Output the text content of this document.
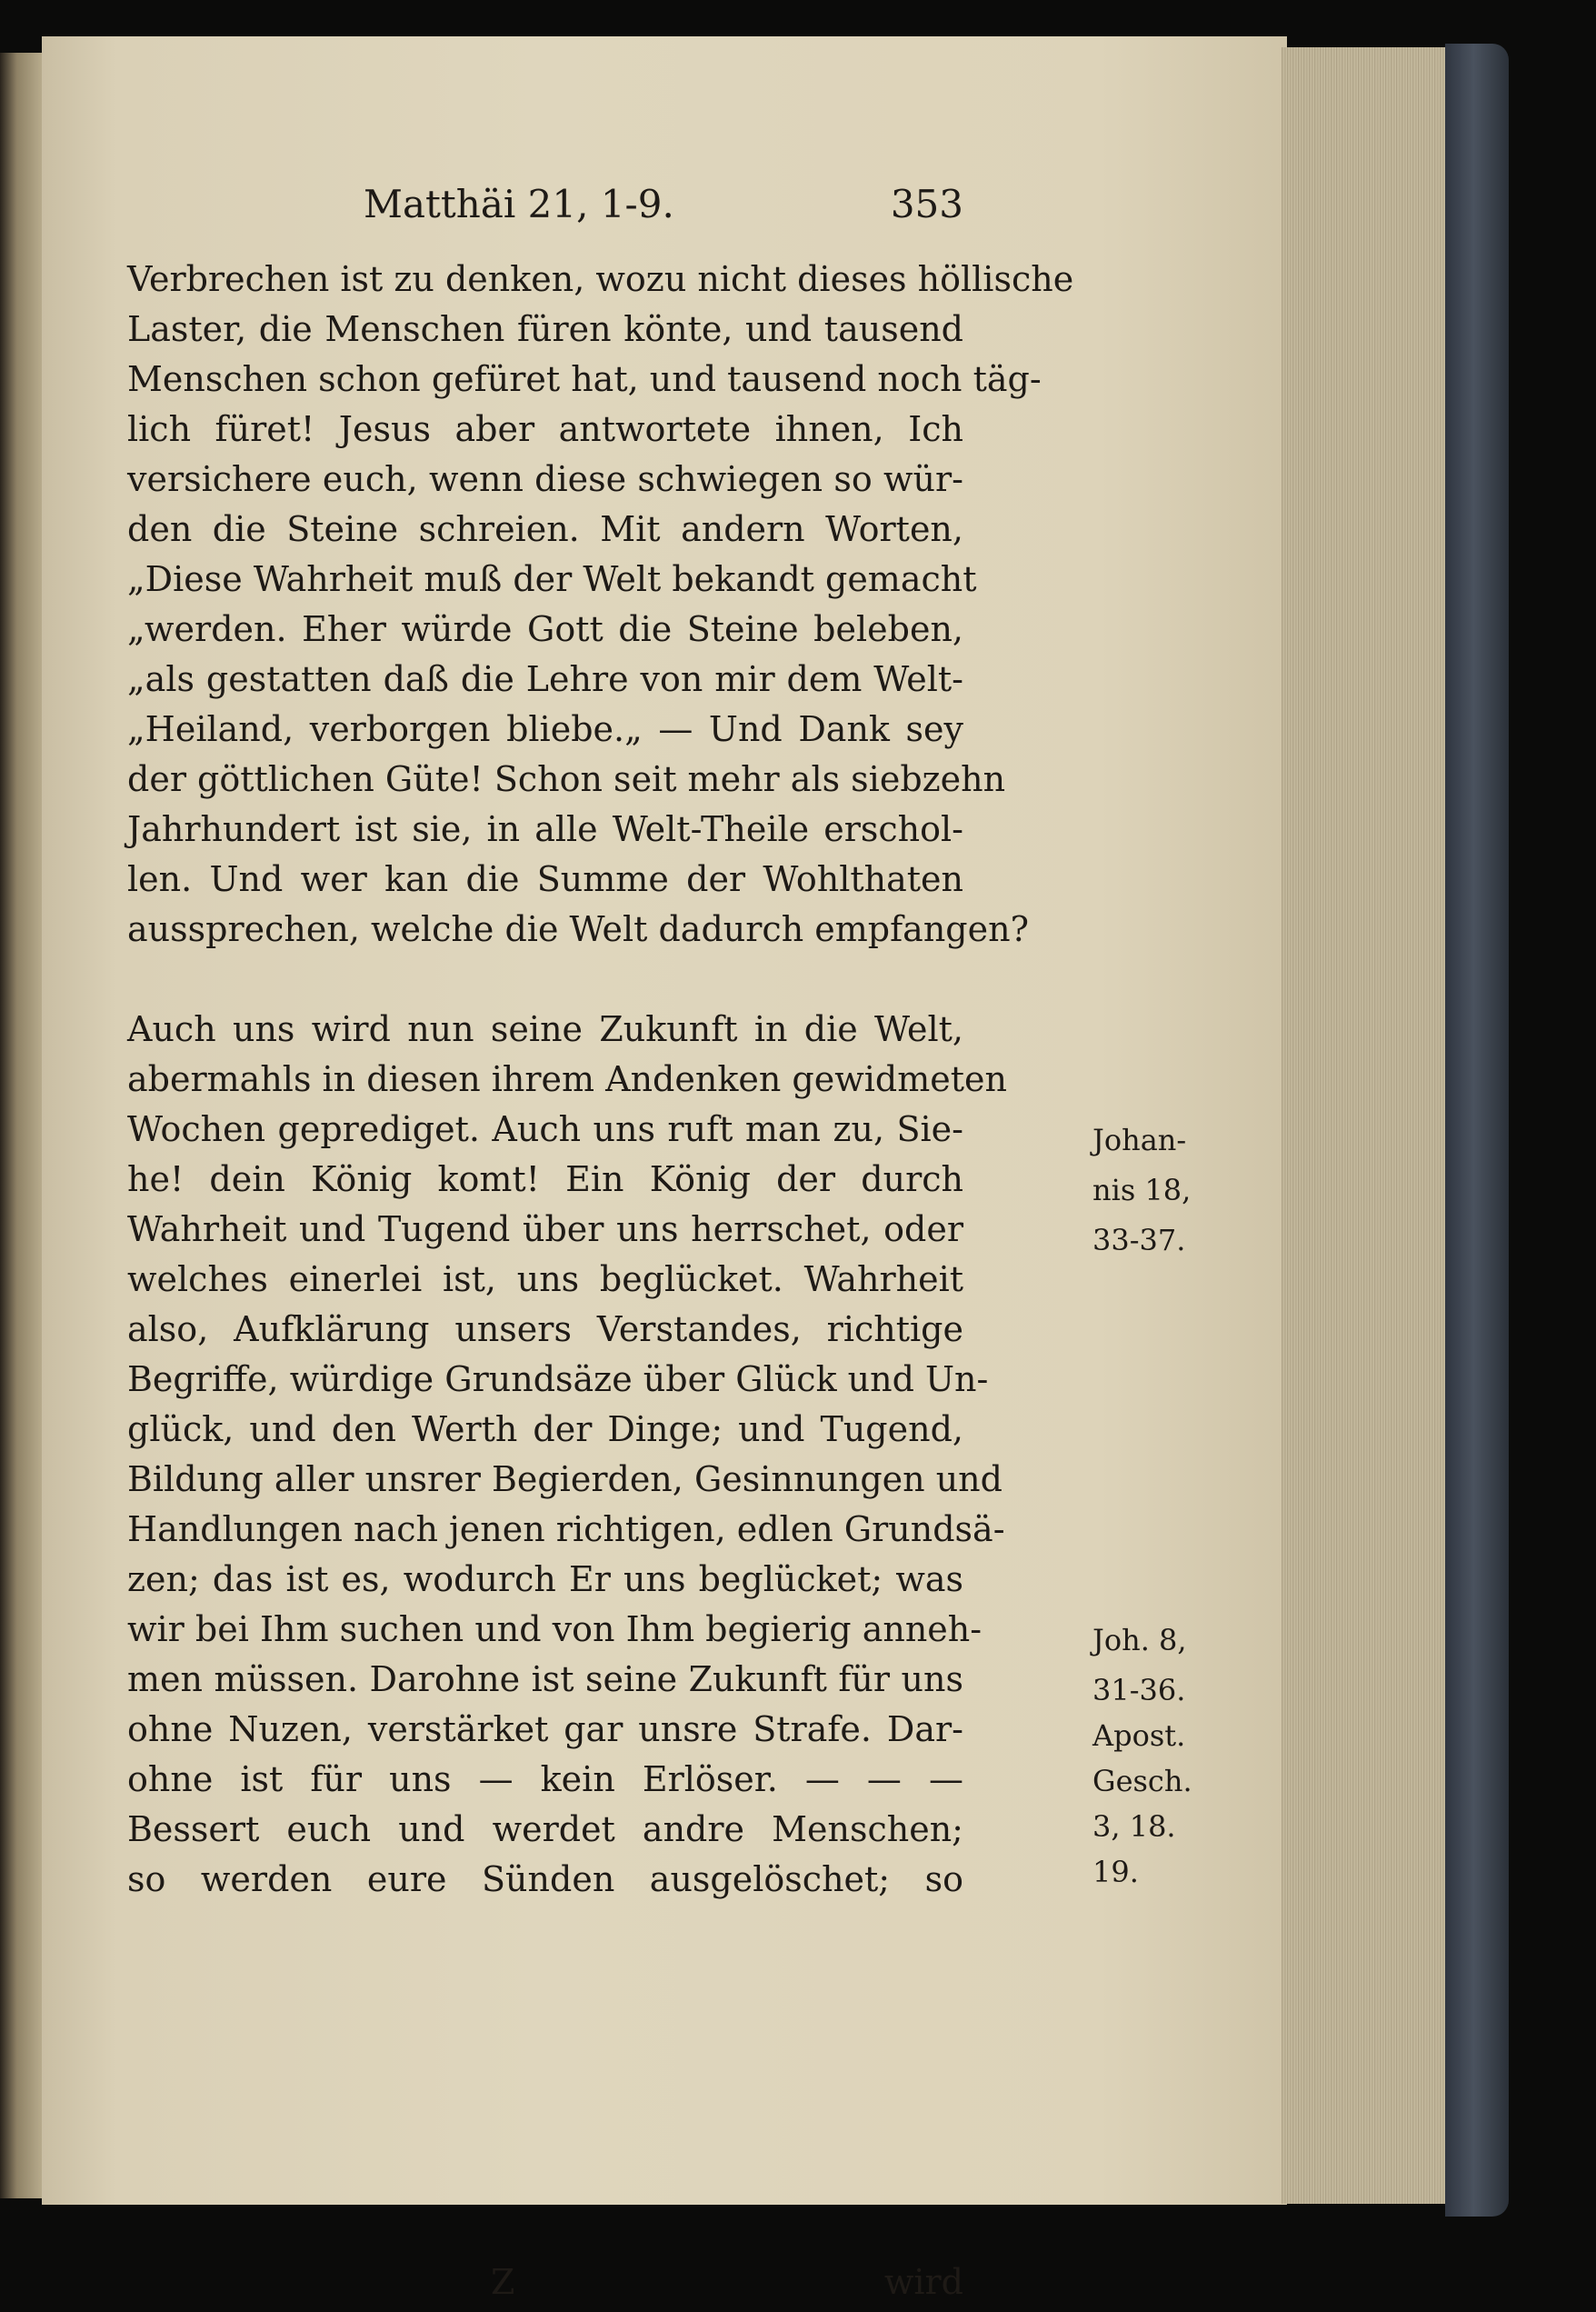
Matthäi 21, 1-9.	353
Verbrechen ist zu denken, wozu nicht dieses höllische
Laster, die Menschen füren könte, und tausend
Menschen schon gefüret hat, und tausend noch täg-
lich füret! Jesus aber antwortete ihnen, Ich
versichere euch, wenn diese schwiegen so wür-
den die Steine schreien. Mit andern Worten,
„Diese Wahrheit muß der Welt bekandt gemacht
„werden. Eher würde Gott die Steine beleben,
„als gestatten daß die Lehre von mir dem Welt-
„Heiland, verborgen bliebe.„ — Und Dank sey
der göttlichen Güte! Schon seit mehr als siebzehn
Jahrhundert ist sie, in alle Welt-Theile erschol-
len. Und wer kan die Summe der Wohlthaten
aussprechen, welche die Welt dadurch empfangen?
Auch uns wird nun seine Zukunft in die Welt,
abermahls in diesen ihrem Andenken gewidmeten
Wochen geprediget. Auch uns ruft man zu, Sie-
he! dein König komt! Ein König der durch
Wahrheit und Tugend über uns herrschet, oder
welches einerlei ist, uns beglücket. Wahrheit
also, Aufklärung unsers Verstandes, richtige
Begriffe, würdige Grundsäze über Glück und Un-
glück, und den Werth der Dinge; und Tugend,
Bildung aller unsrer Begierden, Gesinnungen und
Handlungen nach jenen richtigen, edlen Grundsä-
zen; das ist es, wodurch Er uns beglücket; was
wir bei Ihm suchen und von Ihm begierig anneh-
men müssen. Darohne ist seine Zukunft für uns
ohne Nuzen, verstärket gar unsre Strafe. Dar-
ohne ist für uns — kein Erlöser. — — —
Bessert euch und werdet andre Menschen;
so werden eure Sünden ausgelöschet; so
Johan-
nis 18,
33-37.
Joh. 8,
31-36.
Apost.
Gesch.
3, 18.
19.
Z	wird
